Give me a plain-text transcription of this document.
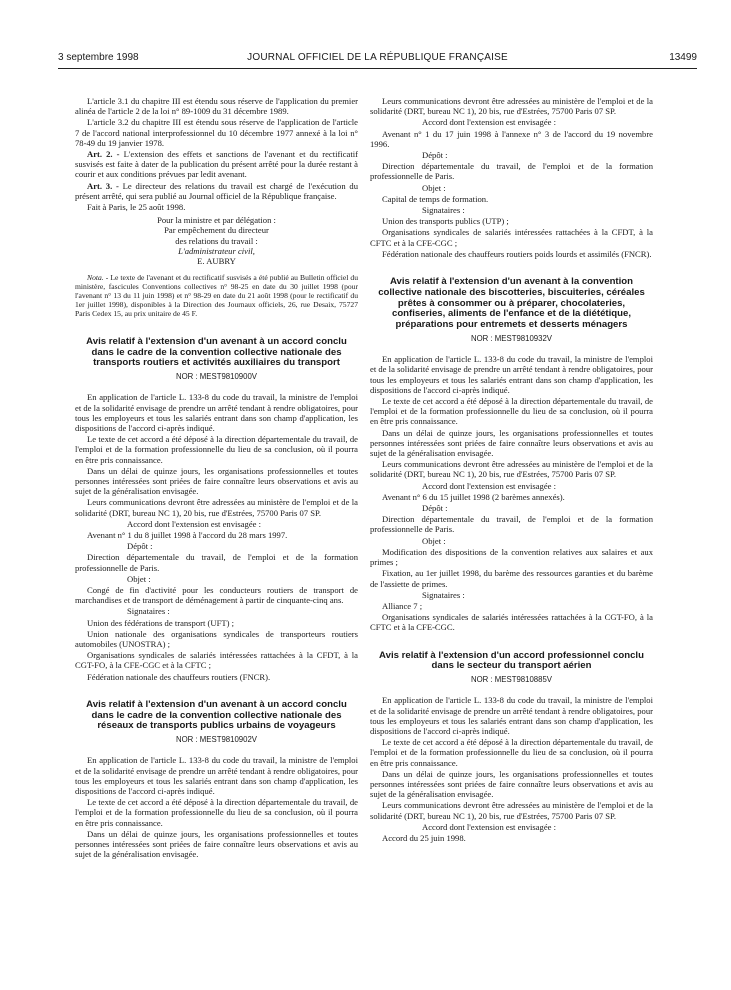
3 septembre 1998	JOURNAL OFFICIEL DE LA RÉPUBLIQUE FRANÇAISE	13499

L'article 3.1 du chapitre III est étendu sous réserve de l'application du premier alinéa de l'article 2 de la loi n° 89-1009 du 31 décembre 1989.

L'article 3.2 du chapitre III est étendu sous réserve de l'application de l'article 7 de l'accord national interprofessionnel du 10 décembre 1977 annexé à la loi n° 78-49 du 19 janvier 1978.

Art. 2. - L'extension des effets et sanctions de l'avenant et du rectificatif susvisés est faite à dater de la publication du présent arrêté pour la durée restant à courir et aux conditions prévues par ledit avenant.

Art. 3. - Le directeur des relations du travail est chargé de l'exécution du présent arrêté, qui sera publié au Journal officiel de la République française.

Fait à Paris, le 25 août 1998.

Pour la ministre et par délégation :

Par empêchement du directeur

des relations du travail :

L'administrateur civil,

E. AUBRY

Nota. - Le texte de l'avenant et du rectificatif susvisés a été publié au Bulletin officiel du ministère, fascicules Conventions collectives n° 98-25 en date du 30 juillet 1998 (pour l'avenant n° 13 du 11 juin 1998) et n° 98-29 en date du 21 août 1998 (pour le rectificatif du 1er juillet 1998), disponibles à la Direction des Journaux officiels, 26, rue Desaix, 75727 Paris Cedex 15, au prix unitaire de 45 F.

Avis relatif à l'extension d'un avenant à un accord conclu dans le cadre de la convention collective nationale des transports routiers et activités auxiliaires du transport
NOR : MESТ9810900V

En application de l'article L. 133-8 du code du travail, la ministre de l'emploi et de la solidarité envisage de prendre un arrêté tendant à rendre obligatoires, pour tous les employeurs et tous les salariés entrant dans son champ d'application, les dispositions de l'accord ci-après indiqué.

Le texte de cet accord a été déposé à la direction départementale du travail, de l'emploi et de la formation professionnelle du lieu de sa conclusion, où il pourra en être pris connaissance.

Dans un délai de quinze jours, les organisations professionnelles et toutes personnes intéressées sont priées de faire connaître leurs observations et avis au sujet de la généralisation envisagée.

Leurs communications devront être adressées au ministère de l'emploi et de la solidarité (DRT, bureau NC 1), 20 bis, rue d'Estrées, 75700 Paris 07 SP.

Accord dont l'extension est envisagée :

Avenant n° 1 du 8 juillet 1998 à l'accord du 28 mars 1997.

Dépôt :

Direction départementale du travail, de l'emploi et de la formation professionnelle de Paris.

Objet :

Congé de fin d'activité pour les conducteurs routiers de transport de marchandises et de transport de déménagement à partir de cinquante-cinq ans.

Signataires :

Union des fédérations de transport (UFT) ;

Union nationale des organisations syndicales de transporteurs routiers automobiles (UNOSTRA) ;

Organisations syndicales de salariés intéressées rattachées à la CFDT, à la CGT-FO, à la CFE-CGC et à la CFTC ;

Fédération nationale des chauffeurs routiers (FNCR).

Avis relatif à l'extension d'un avenant à un accord conclu dans le cadre de la convention collective nationale des réseaux de transports publics urbains de voyageurs
NOR : MESТ9810902V

En application de l'article L. 133-8 du code du travail, la ministre de l'emploi et de la solidarité envisage de prendre un arrêté tendant à rendre obligatoires, pour tous les employeurs et tous les salariés entrant dans son champ d'application, les dispositions de l'accord ci-après indiqué.

Le texte de cet accord a été déposé à la direction départementale du travail, de l'emploi et de la formation professionnelle du lieu de sa conclusion, où il pourra en être pris connaissance.

Dans un délai de quinze jours, les organisations professionnelles et toutes personnes intéressées sont priées de faire connaître leurs observations et avis au sujet de la généralisation envisagée.

Leurs communications devront être adressées au ministère de l'emploi et de la solidarité (DRT, bureau NC 1), 20 bis, rue d'Estrées, 75700 Paris 07 SP.

Accord dont l'extension est envisagée :

Avenant n° 1 du 17 juin 1998 à l'annexe n° 3 de l'accord du 19 novembre 1996.

Dépôt :

Direction départementale du travail, de l'emploi et de la formation professionnelle de Paris.

Objet :

Capital de temps de formation.

Signataires :

Union des transports publics (UTP) ;

Organisations syndicales de salariés intéressées rattachées à la CFDT, à la CFTC et à la CFE-CGC ;

Fédération nationale des chauffeurs routiers poids lourds et assimilés (FNCR).

Avis relatif à l'extension d'un avenant à la convention collective nationale des biscotteries, biscuiteries, céréales prêtes à consommer ou à préparer, chocolateries, confiseries, aliments de l'enfance et de la diététique, préparations pour entremets et desserts ménagers
NOR : MESТ9810932V

En application de l'article L. 133-8 du code du travail, la ministre de l'emploi et de la solidarité envisage de prendre un arrêté tendant à rendre obligatoires, pour tous les employeurs et tous les salariés entrant dans son champ d'application, les dispositions de l'accord ci-après indiqué.

Le texte de cet accord a été déposé à la direction départementale du travail, de l'emploi et de la formation professionnelle du lieu de sa conclusion, où il pourra en être pris connaissance.

Dans un délai de quinze jours, les organisations professionnelles et toutes personnes intéressées sont priées de faire connaître leurs observations et avis au sujet de la généralisation envisagée.

Leurs communications devront être adressées au ministère de l'emploi et de la solidarité (DRT, bureau NC 1), 20 bis, rue d'Estrées, 75700 Paris 07 SP.

Accord dont l'extension est envisagée :

Avenant n° 6 du 15 juillet 1998 (2 barèmes annexés).

Dépôt :

Direction départementale du travail, de l'emploi et de la formation professionnelle de Paris.

Objet :

Modification des dispositions de la convention relatives aux salaires et aux primes ;

Fixation, au 1er juillet 1998, du barème des ressources garanties et du barème de l'assiette de primes.

Signataires :

Alliance 7 ;

Organisations syndicales de salariés intéressées rattachées à la CGT-FO, à la CFTC et à la CFE-CGC.

Avis relatif à l'extension d'un accord professionnel conclu dans le secteur du transport aérien
NOR : MESТ9810885V

En application de l'article L. 133-8 du code du travail, la ministre de l'emploi et de la solidarité envisage de prendre un arrêté tendant à rendre obligatoires, pour tous les employeurs et tous les salariés entrant dans son champ d'application, les dispositions de l'accord ci-après indiqué.

Le texte de cet accord a été déposé à la direction départementale du travail, de l'emploi et de la formation professionnelle du lieu de sa conclusion, où il pourra en être pris connaissance.

Dans un délai de quinze jours, les organisations professionnelles et toutes personnes intéressées sont priées de faire connaître leurs observations et avis au sujet de la généralisation envisagée.

Leurs communications devront être adressées au ministère de l'emploi et de la solidarité (DRT, bureau NC 1), 20 bis, rue d'Estrées, 75700 Paris 07 SP.

Accord dont l'extension est envisagée :

Accord du 25 juin 1998.
